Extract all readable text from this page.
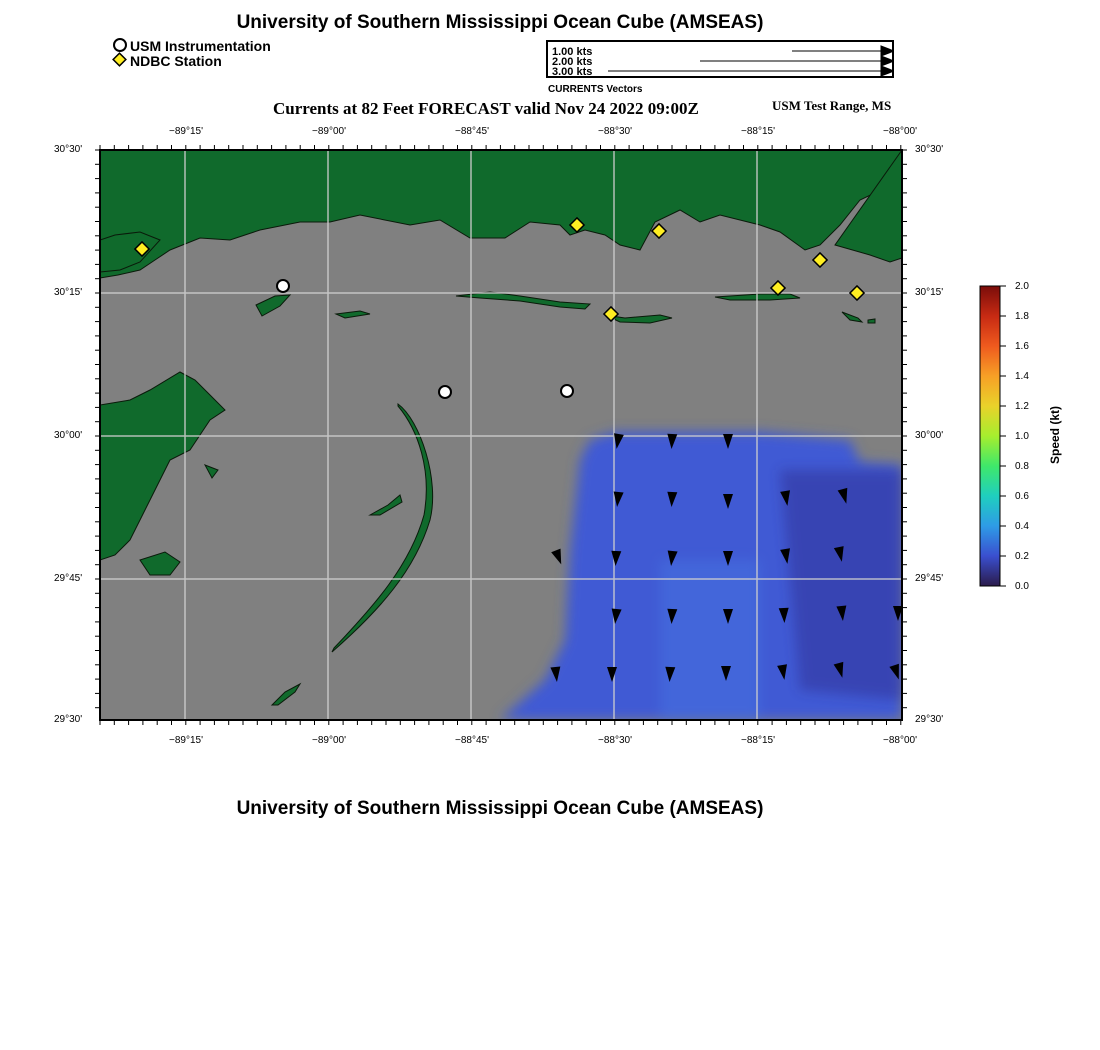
University of Southern Mississippi Ocean Cube (AMSEAS)
USM Instrumentation
NDBC Station
1.00 kts
2.00 kts
3.00 kts
CURRENTS Vectors
Currents at 82 Feet FORECAST valid Nov 24 2022 09:00Z	USM Test Range, MS
−89°15'	−89°00'	−88°45'	−88°30'	−88°15'	−88°00'
−89°15'	−89°00'	−88°45'	−88°30'	−88°15'	−88°00'
30°30'
30°15'
30°00'
29°45'
29°30'
30°30'
30°15'
30°00'
29°45'
29°30'
2.0
1.8
1.6
1.4
1.2
1.0
0.8
0.6
0.4
0.2
0.0
Speed (kt)
University of Southern Mississippi Ocean Cube (AMSEAS)
